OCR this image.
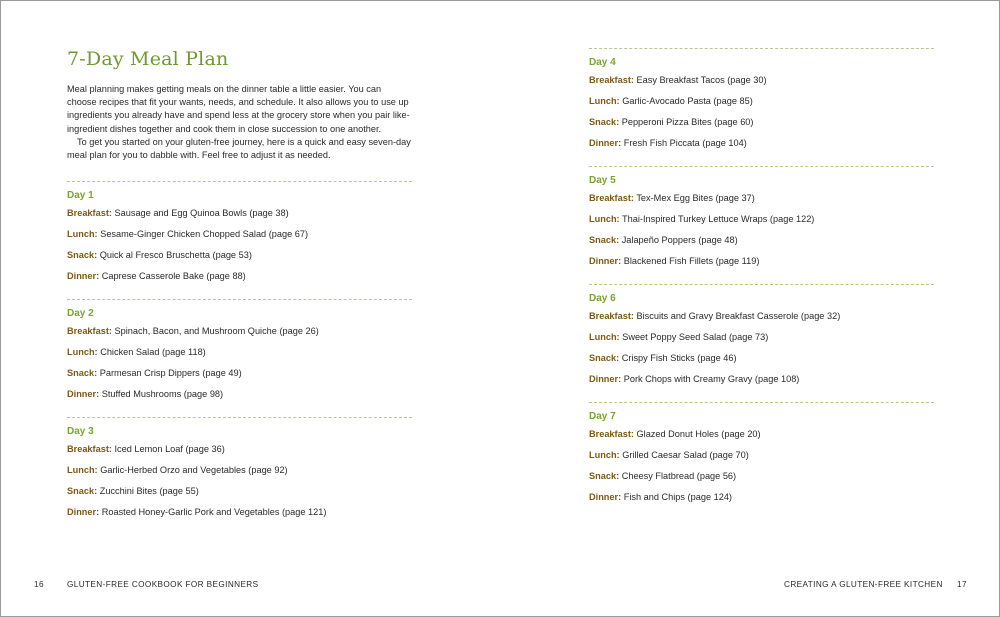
7-Day Meal Plan

Meal planning makes getting meals on the dinner table a little easier. You can choose recipes that fit your wants, needs, and schedule. It also allows you to use up ingredients you already have and spend less at the grocery store when you pair like-ingredient dishes together and cook them in close succession to one another.

To get you started on your gluten-free journey, here is a quick and easy seven-day meal plan for you to dabble with. Feel free to adjust it as needed.

Day 1
Breakfast: Sausage and Egg Quinoa Bowls (page 38)
Lunch: Sesame-Ginger Chicken Chopped Salad (page 67)
Snack: Quick al Fresco Bruschetta (page 53)
Dinner: Caprese Casserole Bake (page 88)
Day 2
Breakfast: Spinach, Bacon, and Mushroom Quiche (page 26)
Lunch: Chicken Salad (page 118)
Snack: Parmesan Crisp Dippers (page 49)
Dinner: Stuffed Mushrooms (page 98)
Day 3
Breakfast: Iced Lemon Loaf (page 36)
Lunch: Garlic-Herbed Orzo and Vegetables (page 92)
Snack: Zucchini Bites (page 55)
Dinner: Roasted Honey-Garlic Pork and Vegetables (page 121)
Day 4
Breakfast: Easy Breakfast Tacos (page 30)
Lunch: Garlic-Avocado Pasta (page 85)
Snack: Pepperoni Pizza Bites (page 60)
Dinner: Fresh Fish Piccata (page 104)
Day 5
Breakfast: Tex-Mex Egg Bites (page 37)
Lunch: Thai-Inspired Turkey Lettuce Wraps (page 122)
Snack: Jalapeño Poppers (page 48)
Dinner: Blackened Fish Fillets (page 119)
Day 6
Breakfast: Biscuits and Gravy Breakfast Casserole (page 32)
Lunch: Sweet Poppy Seed Salad (page 73)
Snack: Crispy Fish Sticks (page 46)
Dinner: Pork Chops with Creamy Gravy (page 108)
Day 7
Breakfast: Glazed Donut Holes (page 20)
Lunch: Grilled Caesar Salad (page 70)
Snack: Cheesy Flatbread (page 56)
Dinner: Fish and Chips (page 124)
16	GLUTEN-FREE COOKBOOK FOR BEGINNERS	CREATING A GLUTEN-FREE KITCHEN 17
